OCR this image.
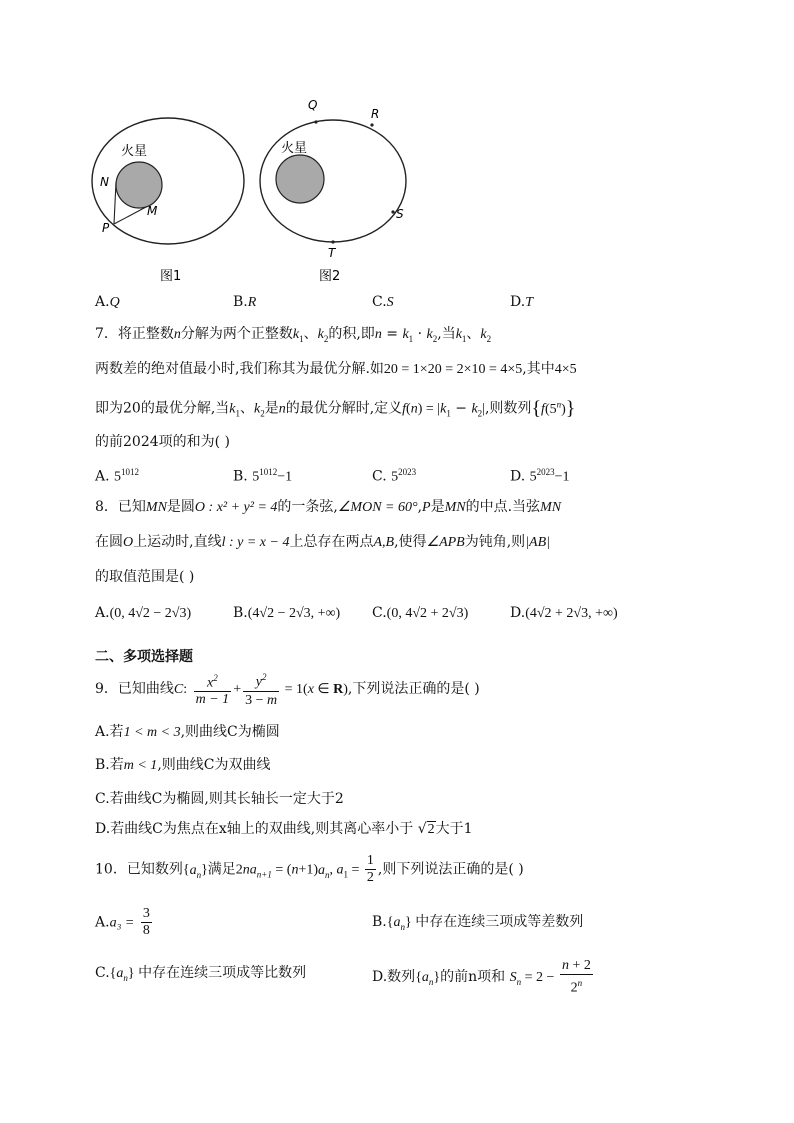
火星
N
M
P
图1
火星
Q
R
S
T
图2
A.Q	B.R	C.S	D.T
7．将正整数n分解为两个正整数$k_1$、$k_2$的积,即$n = k_1 \cdot k_2$,当$k_1$、$k_2$
两数差的绝对值最小时,我们称其为最优分解.如20 = 1×20 = 2×10 = 4×5,其中4×5
即为20的最优分解,当$k_1$、$k_2$是n的最优分解时,定义$f(n) = |k_1 - k_2|$,则数列{f(5$^n$)}
的前2024项的和为( )
A. $5^{1012}$	B. $5^{1012}-1$	C. $5^{2023}$	D. $5^{2023}-1$
8．已知MN是圆O : x² + y² = 4的一条弦,∠MON = 60°,P是MN的中点.当弦MN
在圆O上运动时,直线l : y = x − 4上总存在两点A,B,使得∠APB为钝角,则|AB|
的取值范围是( )
A.(0, 4√2 − 2√3)	B.(4√2 − 2√3, +∞) C.(0, 4√2 + 2√3)	D.(4√2 + 2√3, +∞)
二、多项选择题
9．已知曲线C: $\frac{x^2}{m - 1} + \frac{y^2}{3 - m} = 1(x$ ∈ R),下列说法正确的是( )
A.若1 < m < 3,则曲线C为椭圆
B.若m < 1,则曲线C为双曲线
C.若曲线C为椭圆,则其长轴长一定大于2
D.若曲线C为焦点在x轴上的双曲线,则其离心率小于 √2大于1
10．已知数列$\{a_n\}$满足$2na_{n+1} = (n+1)a_n$, $a_1 = \frac{1}{2}$ ,则下列说法正确的是( )
$A.a_3 = \frac{3}{8}$	$B.\{a_n\}$ 中存在连续三项成等差数列
$C.\{a_n\}$ 中存在连续三项成等比数列	D.数列$\{a_n\}$的前n项和 $S_n = 2 - \frac{n + 2}{2^n}$
